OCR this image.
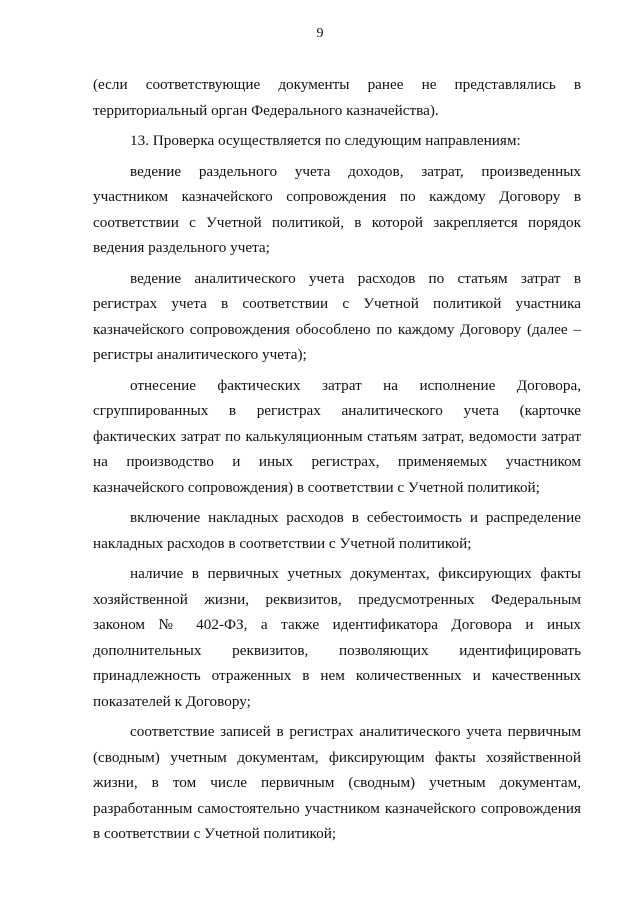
9

(если соответствующие документы ранее не представлялись в территориальный орган Федерального казначейства).

13. Проверка осуществляется по следующим направлениям:

ведение раздельного учета доходов, затрат, произведенных участником казначейского сопровождения по каждому Договору в соответствии с Учетной политикой, в которой закрепляется порядок ведения раздельного учета;

ведение аналитического учета расходов по статьям затрат в регистрах учета в соответствии с Учетной политикой участника казначейского сопровождения обособлено по каждому Договору (далее – регистры аналитического учета);

отнесение фактических затрат на исполнение Договора, сгруппированных в регистрах аналитического учета (карточке фактических затрат по калькуляционным статьям затрат, ведомости затрат на производство и иных регистрах, применяемых участником казначейского сопровождения) в соответствии с Учетной политикой;

включение накладных расходов в себестоимость и распределение накладных расходов в соответствии с Учетной политикой;

наличие в первичных учетных документах, фиксирующих факты хозяйственной жизни, реквизитов, предусмотренных Федеральным законом № 402-ФЗ, а также идентификатора Договора и иных дополнительных реквизитов, позволяющих идентифицировать принадлежность отраженных в нем количественных и качественных показателей к Договору;

соответствие записей в регистрах аналитического учета первичным (сводным) учетным документам, фиксирующим факты хозяйственной жизни, в том числе первичным (сводным) учетным документам, разработанным самостоятельно участником казначейского сопровождения в соответствии с Учетной политикой;
